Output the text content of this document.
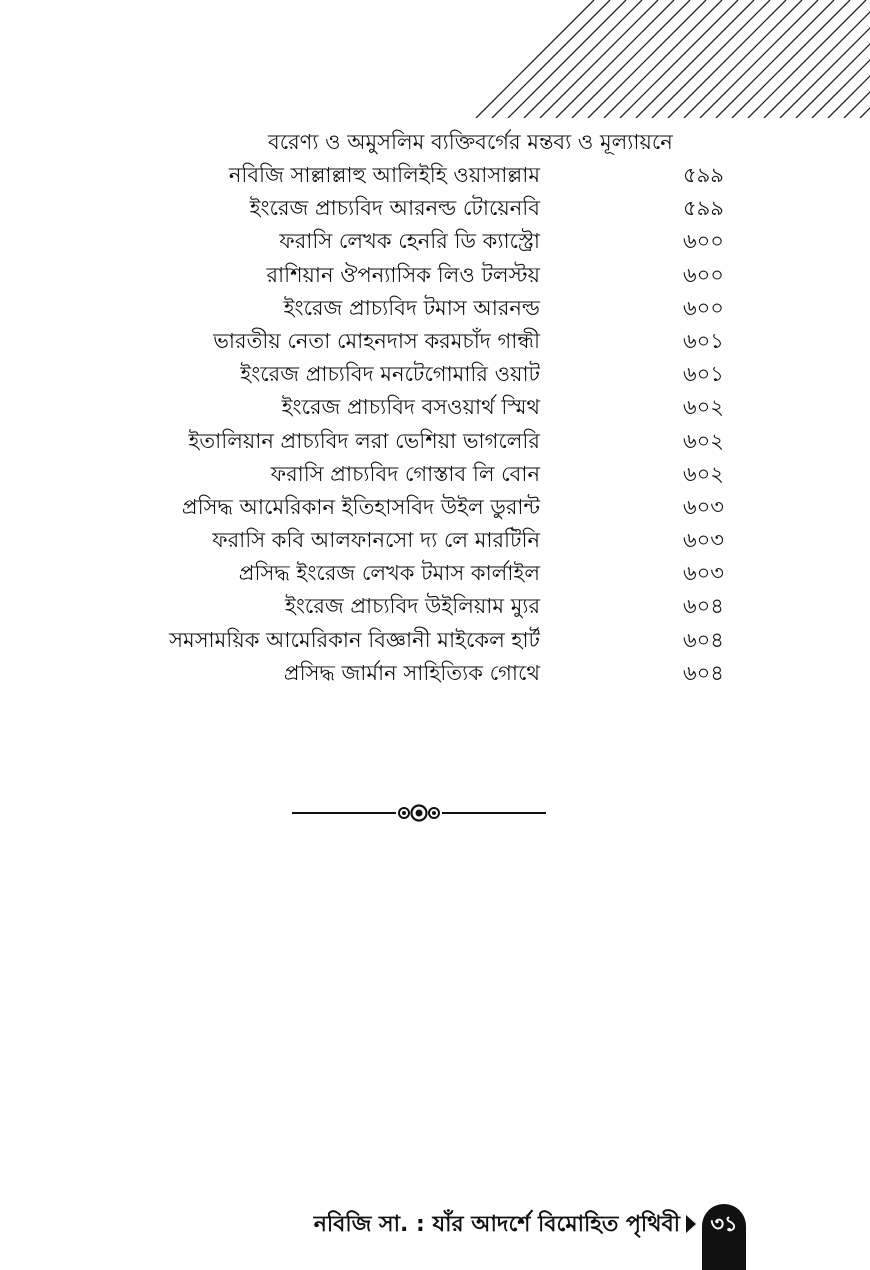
বরেণ্য ও অমুসলিম ব্যক্তিবর্গের মন্তব্য ও মূল্যায়নে
নবিজি সাল্লাল্লাহু আলিইহি ওয়াসাল্লাম	৫৯৯
ইংরেজ প্রাচ্যবিদ আরনল্ড টোয়েনবি	৫৯৯
ফরাসি লেখক হেনরি ডি ক্যাস্ট্রো	৬০০
রাশিয়ান ঔপন্যাসিক লিও টলস্টয়	৬০০
ইংরেজ প্রাচ্যবিদ টমাস আরনল্ড	৬০০
ভারতীয় নেতা মোহনদাস করমচাঁদ গান্ধী	৬০১
ইংরেজ প্রাচ্যবিদ মনটেগোমারি ওয়াট	৬০১
ইংরেজ প্রাচ্যবিদ বসওয়ার্থ স্মিথ	৬০২
ইতালিয়ান প্রাচ্যবিদ লরা ভেশিয়া ভাগলেরি	৬০২
ফরাসি প্রাচ্যবিদ গোস্তাব লি বোন	৬০২
প্রসিদ্ধ আমেরিকান ইতিহাসবিদ উইল ডুরান্ট	৬০৩
ফরাসি কবি আলফানসো দ্য লে মারটিনি	৬০৩
প্রসিদ্ধ ইংরেজ লেখক টমাস কার্লাইল	৬০৩
ইংরেজ প্রাচ্যবিদ উইলিয়াম ম্যুর	৬০৪
সমসাময়িক আমেরিকান বিজ্ঞানী মাইকেল হার্ট	৬০৪
প্রসিদ্ধ জার্মান সাহিত্যিক গোথে	৬০৪
নবিজি সা. : যাঁর আদর্শে বিমোহিত পৃথিবী	৩১
